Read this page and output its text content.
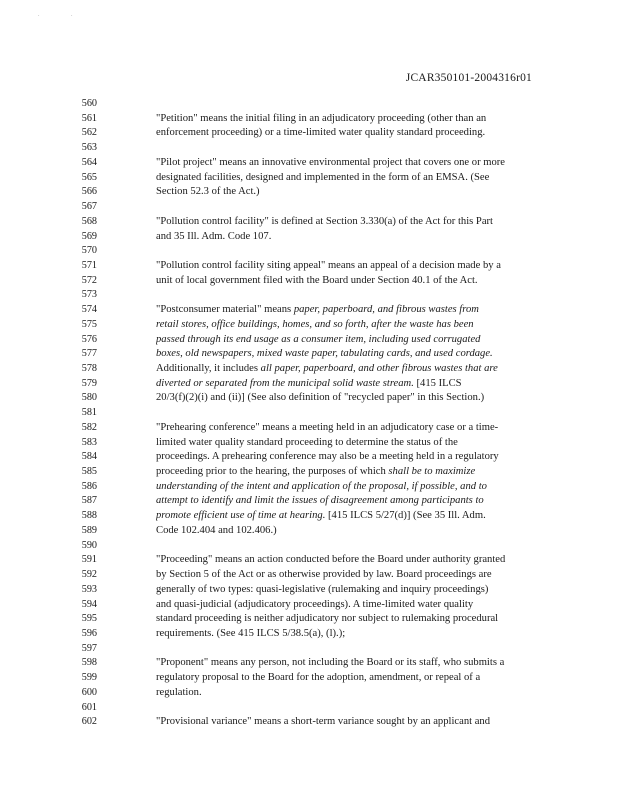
.	.
JCAR350101-2004316r01
560
561	"Petition" means the initial filing in an adjudicatory proceeding (other than an
562	enforcement proceeding) or a time-limited water quality standard proceeding.
563
564	"Pilot project" means an innovative environmental project that covers one or more
565	designated facilities, designed and implemented in the form of an EMSA. (See
566	Section 52.3 of the Act.)
567
568	"Pollution control facility" is defined at Section 3.330(a) of the Act for this Part
569	and 35 Ill. Adm. Code 107.
570
571	"Pollution control facility siting appeal" means an appeal of a decision made by a
572	unit of local government filed with the Board under Section 40.1 of the Act.
573
574	"Postconsumer material" means paper, paperboard, and fibrous wastes from
575	retail stores, office buildings, homes, and so forth, after the waste has been
576	passed through its end usage as a consumer item, including used corrugated
577	boxes, old newspapers, mixed waste paper, tabulating cards, and used cordage.
578	Additionally, it includes all paper, paperboard, and other fibrous wastes that are
579	diverted or separated from the municipal solid waste stream. [415 ILCS
580	20/3(f)(2)(i) and (ii)] (See also definition of "recycled paper" in this Section.)
581
582	"Prehearing conference" means a meeting held in an adjudicatory case or a time-
583	limited water quality standard proceeding to determine the status of the
584	proceedings. A prehearing conference may also be a meeting held in a regulatory
585	proceeding prior to the hearing, the purposes of which shall be to maximize
586	understanding of the intent and application of the proposal, if possible, and to
587	attempt to identify and limit the issues of disagreement among participants to
588	promote efficient use of time at hearing. [415 ILCS 5/27(d)] (See 35 Ill. Adm.
589	Code 102.404 and 102.406.)
590
591	"Proceeding" means an action conducted before the Board under authority granted
592	by Section 5 of the Act or as otherwise provided by law. Board proceedings are
593	generally of two types: quasi-legislative (rulemaking and inquiry proceedings)
594	and quasi-judicial (adjudicatory proceedings). A time-limited water quality
595	standard proceeding is neither adjudicatory nor subject to rulemaking procedural
596	requirements. (See 415 ILCS 5/38.5(a), (l).);
597
598	"Proponent" means any person, not including the Board or its staff, who submits a
599	regulatory proposal to the Board for the adoption, amendment, or repeal of a
600	regulation.
601
602	"Provisional variance" means a short-term variance sought by an applicant and
